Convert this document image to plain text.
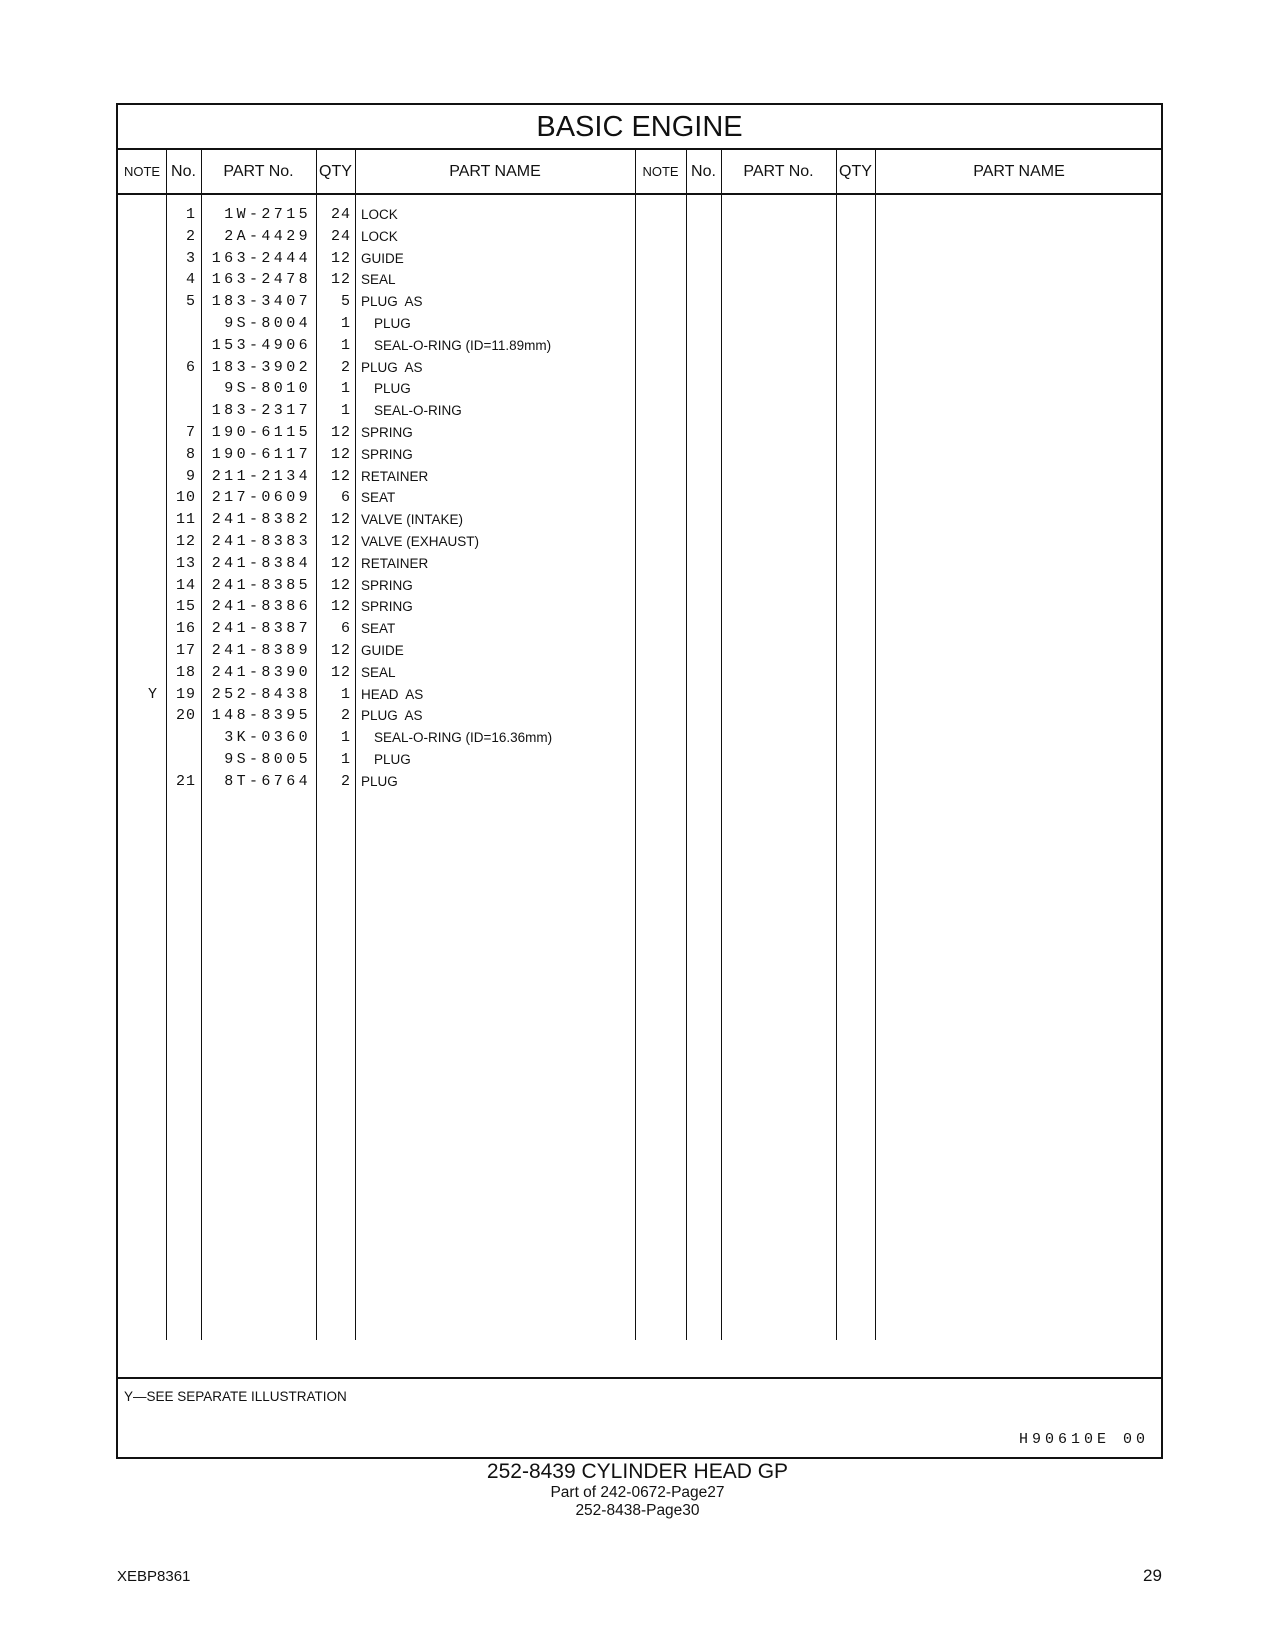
BASIC ENGINE
NOTE No.	PART No.	QTY	PART NAME	NOTE No.	PART No.	QTY	PART NAME
1	1W-2715	24 LOCK
2	2A-4429	24 LOCK
3	163-2444	12 GUIDE
4	163-2478	12 SEAL
5	183-3407	5 PLUG  AS
9S-8004	1 PLUG
153-4906	1 SEAL-O-RING (ID=11.89mm)
6	183-3902	2 PLUG  AS
9S-8010	1 PLUG
183-2317	1 SEAL-O-RING
7	190-6115	12 SPRING
8	190-6117	12 SPRING
9	211-2134	12 RETAINER
10	217-0609	6 SEAT
11	241-8382	12 VALVE (INTAKE)
12	241-8383	12 VALVE (EXHAUST)
13	241-8384	12 RETAINER
14	241-8385	12 SPRING
15	241-8386	12 SPRING
16	241-8387	6 SEAT
17	241-8389	12 GUIDE
18	241-8390	12 SEAL
Y	19	252-8438	1 HEAD  AS
20	148-8395	2 PLUG  AS
3K-0360	1 SEAL-O-RING (ID=16.36mm)
9S-8005	1 PLUG
21	8T-6764	2 PLUG
Y—SEE SEPARATE ILLUSTRATION
H90610E 00
252-8439 CYLINDER HEAD GP
Part of 242-0672-Page27
252-8438-Page30
XEBP8361	29
